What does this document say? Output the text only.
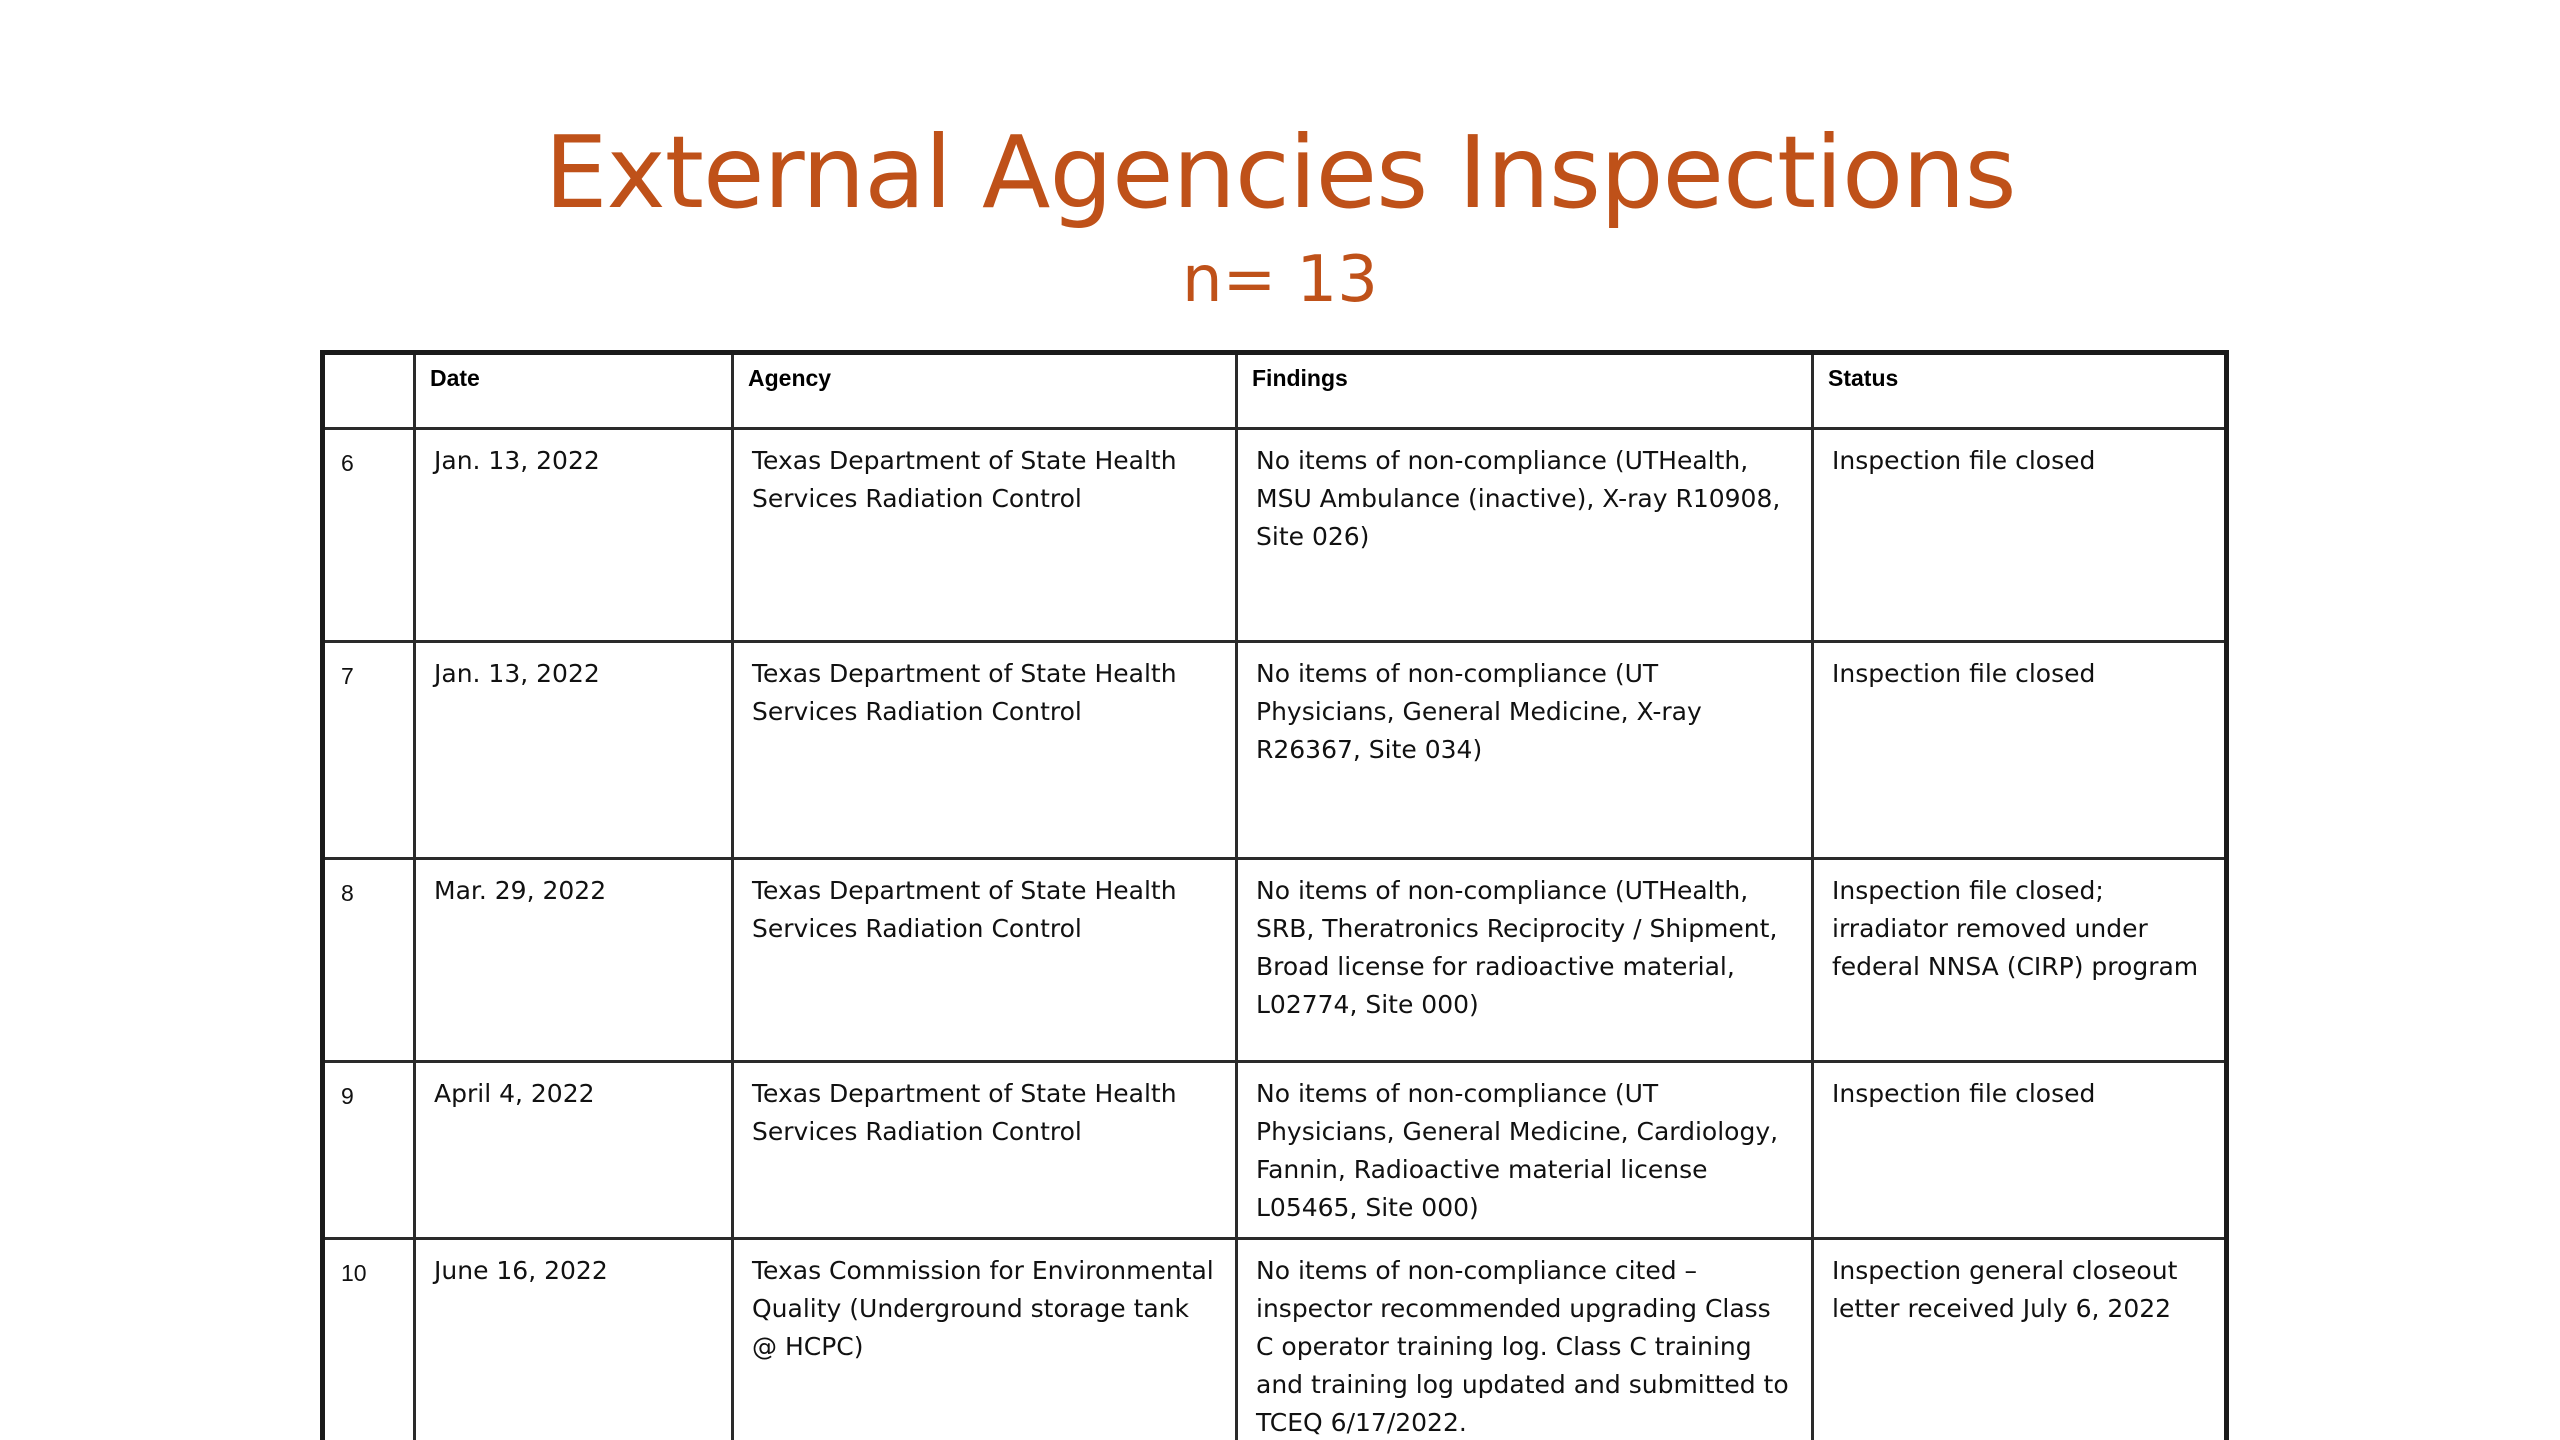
External Agencies Inspections
n= 13
	Date	Agency	Findings	Status
6	Jan. 13, 2022	Texas Department of State Health Services Radiation Control	No items of non-compliance (UTHealth, MSU Ambulance (inactive), X-ray R10908, Site 026)	Inspection file closed
7	Jan. 13, 2022	Texas Department of State Health Services Radiation Control	No items of non-compliance (UT Physicians, General Medicine, X-ray R26367, Site 034)	Inspection file closed
8	Mar. 29, 2022	Texas Department of State Health Services Radiation Control	No items of non-compliance (UTHealth, SRB, Theratronics Reciprocity / Shipment, Broad license for radioactive material, L02774, Site 000)	Inspection file closed; irradiator removed under federal NNSA (CIRP) program
9	April 4, 2022	Texas Department of State Health Services Radiation Control	No items of non-compliance (UT Physicians, General Medicine, Cardiology, Fannin, Radioactive material license L05465, Site 000)	Inspection file closed
10	June 16, 2022	Texas Commission for Environmental Quality (Underground storage tank @ HCPC)	No items of non-compliance cited – inspector recommended upgrading Class C operator training log. Class C training and training log updated and submitted to TCEQ 6/17/2022.	Inspection general closeout letter received July 6, 2022
